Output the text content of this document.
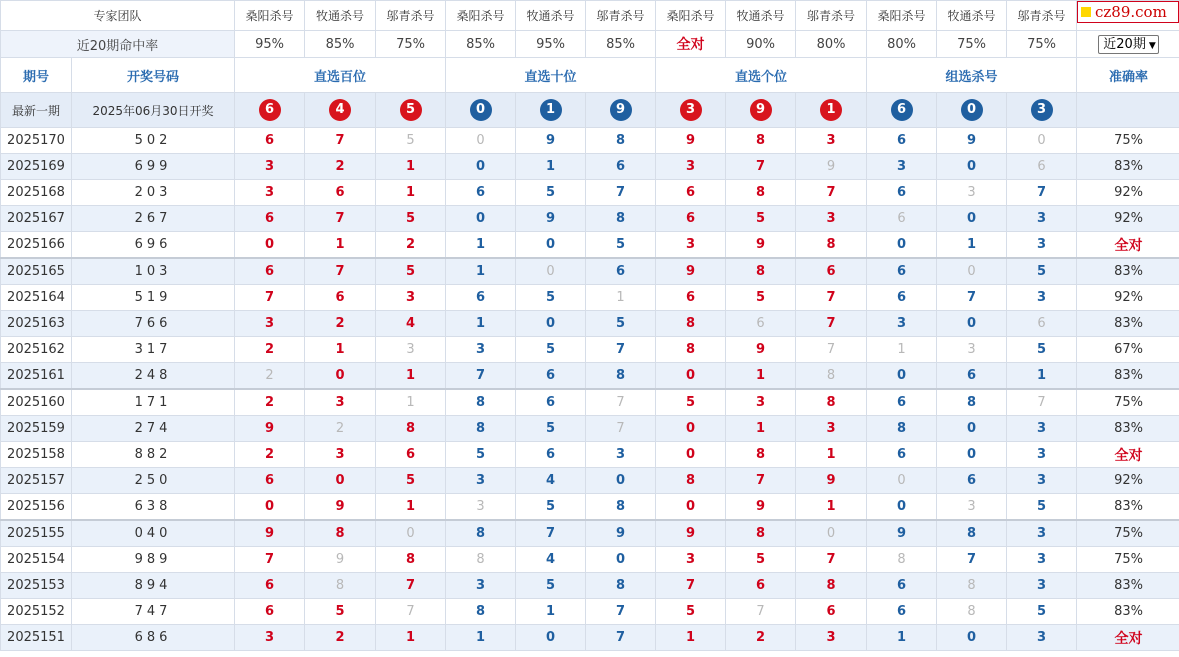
cz89.com
专家团队		桑阳杀号	牧通杀号	邬青杀号	桑阳杀号	牧通杀号	邬青杀号	桑阳杀号	牧通杀号	邬青杀号	桑阳杀号	牧通杀号	邬青杀号	
近20期命中率		95%	85%	75%	85%	95%	85%	全对	90%	80%	80%	75%	75%	近20期 ▼
期号	开奖号码	直选百位			直选十位			直选个位			组选杀号			准确率
最新一期	2025年06月30日开奖	6	4	5	0	1	9	3	9	1	6	0	3	
2025170	502	6	7	5	0	9	8	9	8	3	6	9	0	75%
2025169	699	3	2	1	0	1	6	3	7	9	3	0	6	83%
2025168	203	3	6	1	6	5	7	6	8	7	6	3	7	92%
2025167	267	6	7	5	0	9	8	6	5	3	6	0	3	92%
2025166	696	0	1	2	1	0	5	3	9	8	0	1	3	全对
2025165	103	6	7	5	1	0	6	9	8	6	6	0	5	83%
2025164	519	7	6	3	6	5	1	6	5	7	6	7	3	92%
2025163	766	3	2	4	1	0	5	8	6	7	3	0	6	83%
2025162	317	2	1	3	3	5	7	8	9	7	1	3	5	67%
2025161	248	2	0	1	7	6	8	0	1	8	0	6	1	83%
2025160	171	2	3	1	8	6	7	5	3	8	6	8	7	75%
2025159	274	9	2	8	8	5	7	0	1	3	8	0	3	83%
2025158	882	2	3	6	5	6	3	0	8	1	6	0	3	全对
2025157	250	6	0	5	3	4	0	8	7	9	0	6	3	92%
2025156	638	0	9	1	3	5	8	0	9	1	0	3	5	83%
2025155	040	9	8	0	8	7	9	9	8	0	9	8	3	75%
2025154	989	7	9	8	8	4	0	3	5	7	8	7	3	75%
2025153	894	6	8	7	3	5	8	7	6	8	6	8	3	83%
2025152	747	6	5	7	8	1	7	5	7	6	6	8	5	83%
2025151	686	3	2	1	1	0	7	1	2	3	1	0	3	全对
